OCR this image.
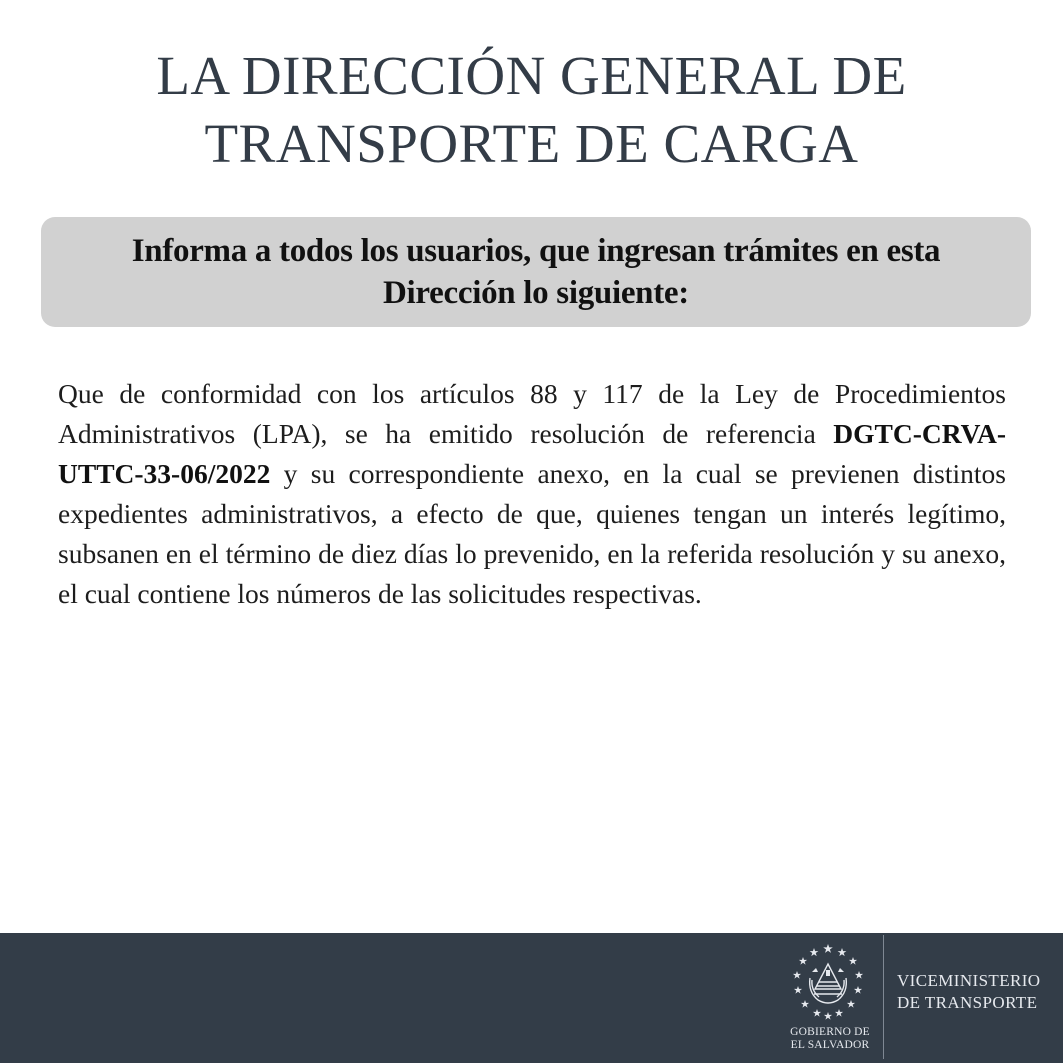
LA DIRECCIÓN GENERAL DE
TRANSPORTE DE CARGA

Informa a todos los usuarios, que ingresan trámites en esta Dirección lo siguiente:

Que de conformidad con los artículos 88 y 117 de la Ley de Procedimientos Administrativos (LPA), se ha emitido resolución de referencia DGTC-CRVA-UTTC-33-06/2022 y su correspondiente anexo, en la cual se previenen distintos expedientes administrativos, a efecto de que, quienes tengan un interés legítimo, subsanen en el término de diez días lo prevenido, en la referida resolución y su anexo, el cual contiene los números de las solicitudes respectivas.

GOBIERNO DE
EL SALVADOR
VICEMINISTERIO
DE TRANSPORTE
